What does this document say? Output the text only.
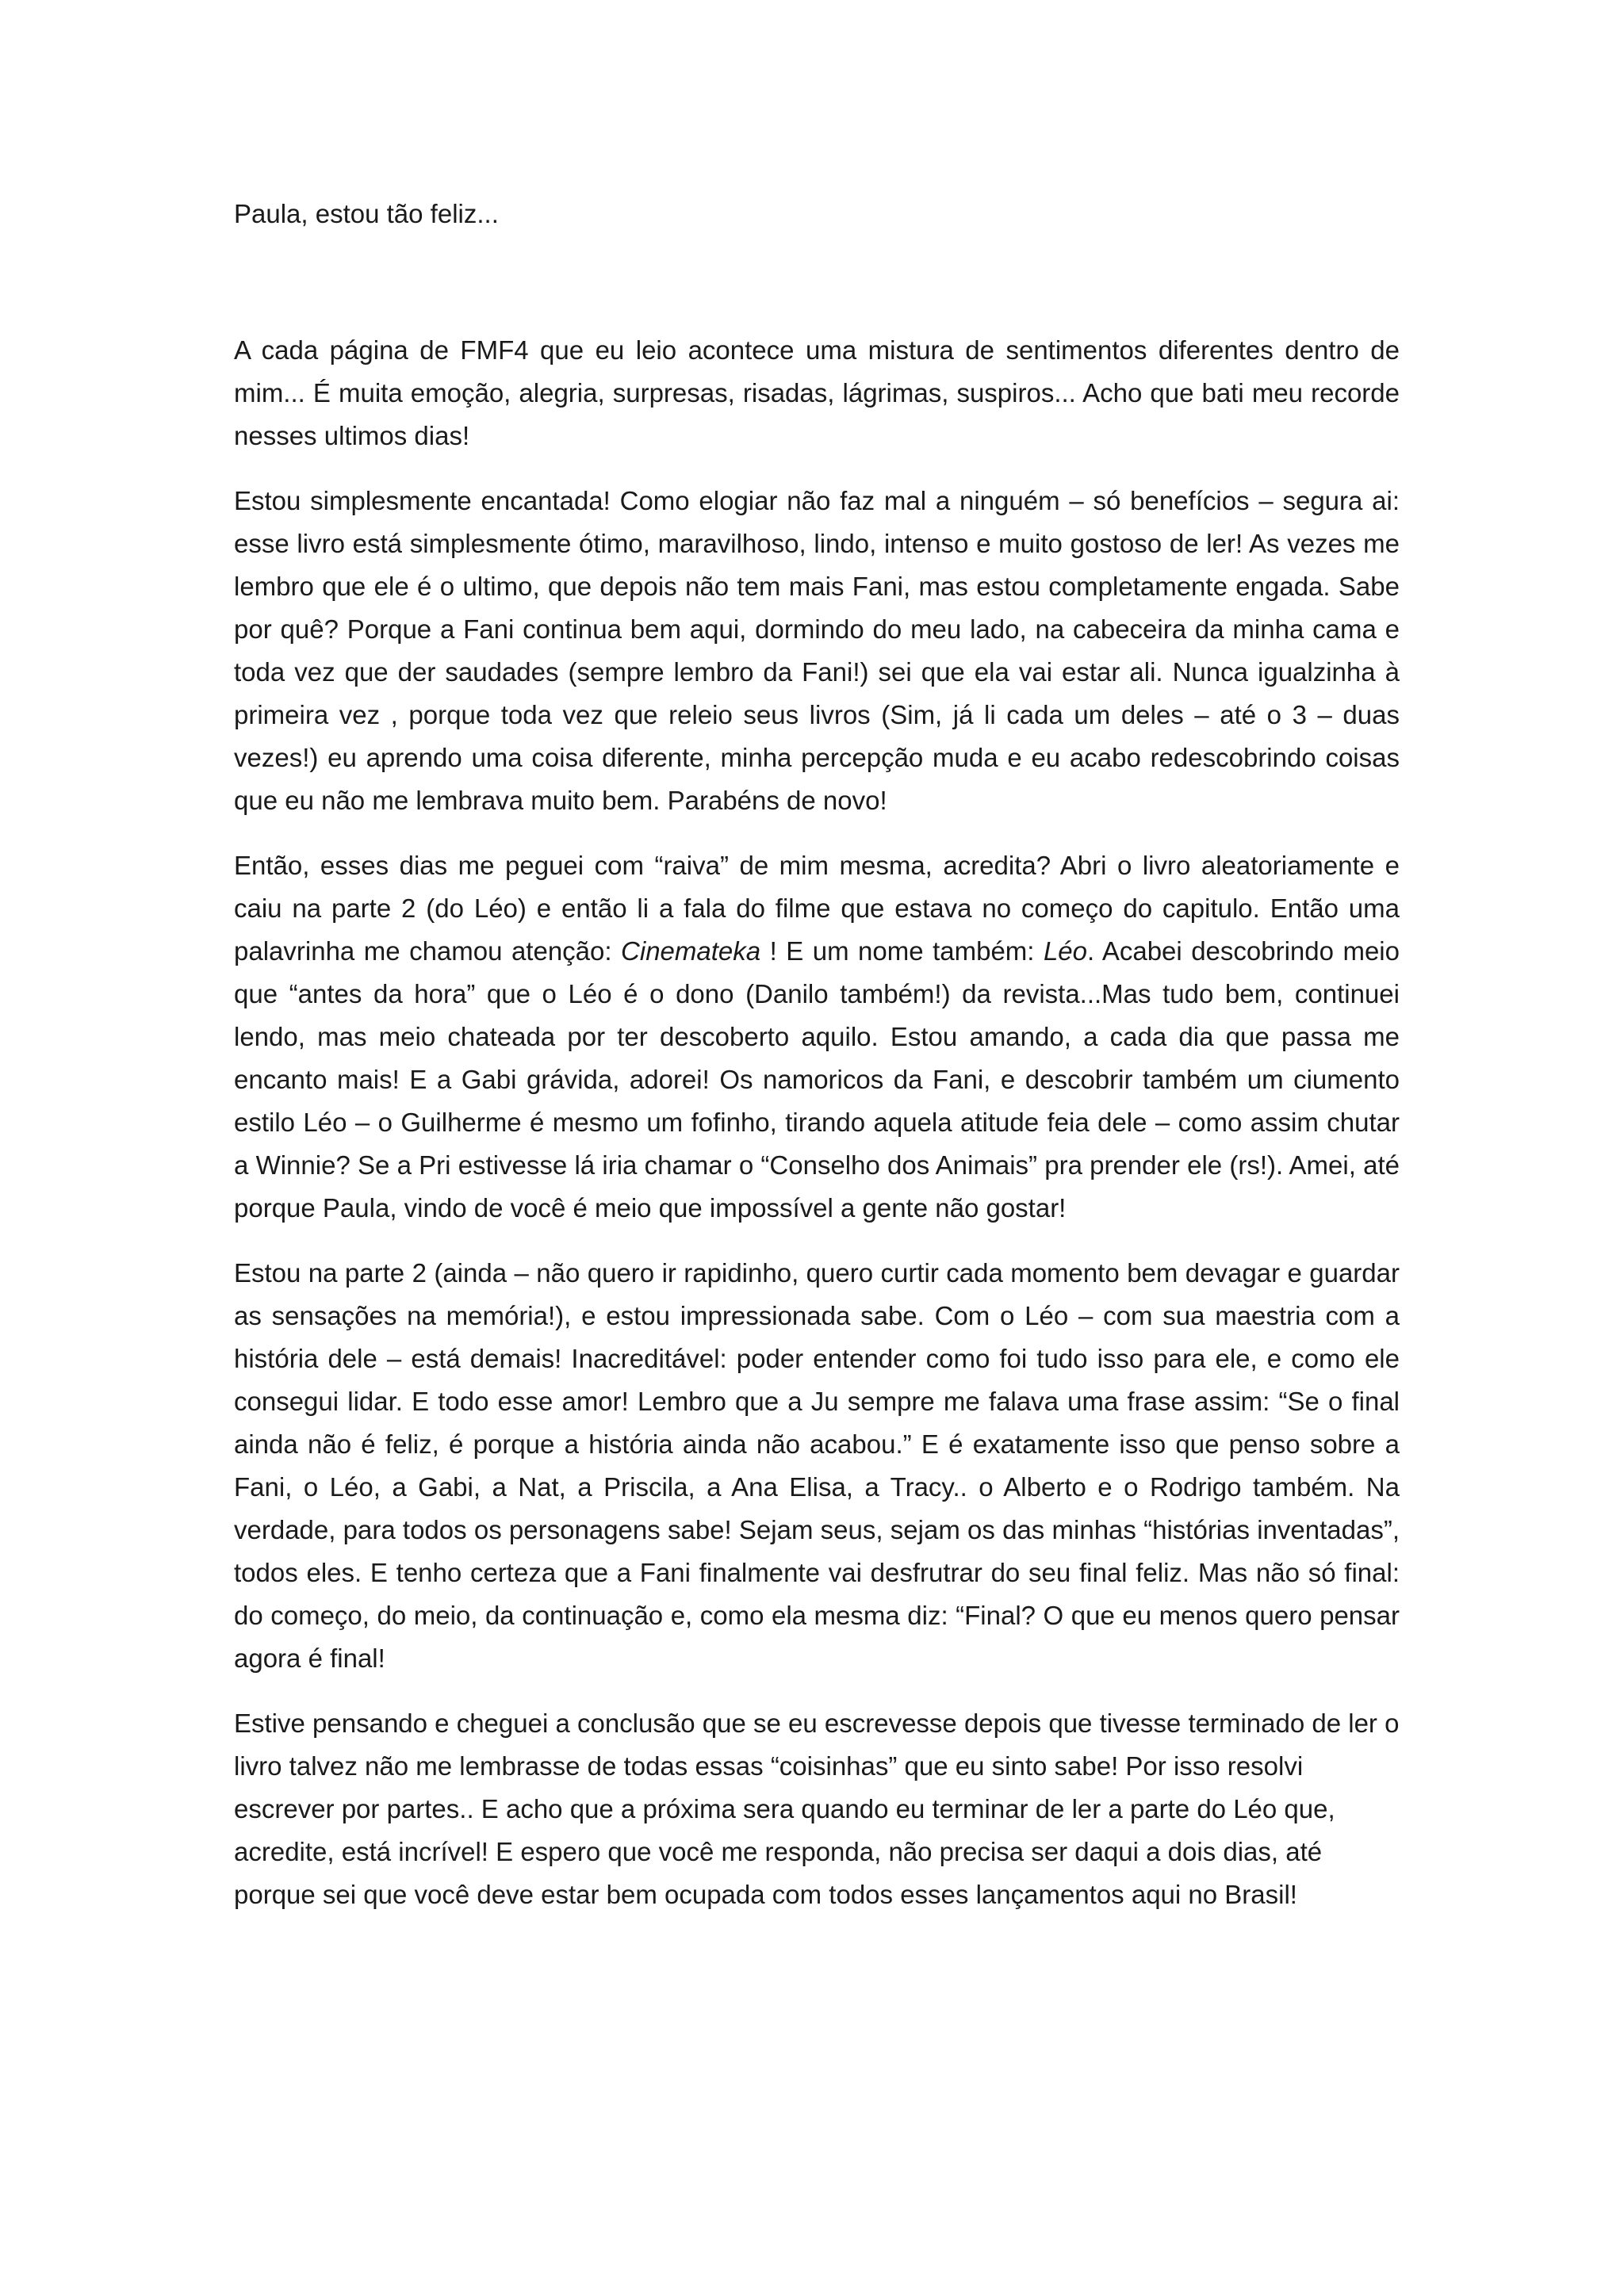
Paula, estou tão feliz...

A cada página de FMF4 que eu leio acontece uma mistura de sentimentos diferentes dentro de mim... É muita emoção, alegria, surpresas, risadas, lágrimas, suspiros... Acho que bati meu recorde nesses ultimos dias!

Estou simplesmente encantada! Como elogiar não faz mal a ninguém – só benefícios – segura ai: esse livro está simplesmente ótimo, maravilhoso, lindo, intenso e muito gostoso de ler! As vezes me lembro que ele é o ultimo, que depois não tem mais Fani, mas estou completamente engada. Sabe por quê? Porque a Fani continua bem aqui, dormindo do meu lado, na cabeceira da minha cama e toda vez que der saudades (sempre lembro da Fani!) sei que ela vai estar ali. Nunca igualzinha à primeira vez , porque toda vez que releio seus livros (Sim, já li cada um deles – até o 3 – duas vezes!) eu aprendo uma coisa diferente, minha percepção muda e eu acabo redescobrindo coisas que eu não me lembrava muito bem. Parabéns de novo!

Então, esses dias me peguei com “raiva” de mim mesma, acredita? Abri o livro aleatoriamente e caiu na parte 2 (do Léo) e então li a fala do filme que estava no começo do capitulo. Então uma palavrinha me chamou atenção: Cinemateka ! E um nome também: Léo. Acabei descobrindo meio que “antes da hora” que o Léo é o dono (Danilo também!) da revista...Mas tudo bem, continuei lendo, mas meio chateada por ter descoberto aquilo. Estou amando, a cada dia que passa me encanto mais! E a Gabi grávida, adorei! Os namoricos da Fani, e descobrir também um ciumento estilo Léo – o Guilherme é mesmo um fofinho, tirando aquela atitude feia dele – como assim chutar a Winnie? Se a Pri estivesse lá iria chamar o “Conselho dos Animais” pra prender ele (rs!). Amei, até porque Paula, vindo de você é meio que impossível a gente não gostar!

Estou na parte 2 (ainda – não quero ir rapidinho, quero curtir cada momento bem devagar e guardar as sensações na memória!), e estou impressionada sabe. Com o Léo – com sua maestria com a história dele – está demais! Inacreditável: poder entender como foi tudo isso para ele, e como ele consegui lidar. E todo esse amor! Lembro que a Ju sempre me falava uma frase assim: “Se o final ainda não é feliz, é porque a história ainda não acabou.” E é exatamente isso que penso sobre a Fani, o Léo, a Gabi, a Nat, a Priscila, a Ana Elisa, a Tracy.. o Alberto e o Rodrigo também. Na verdade, para todos os personagens sabe! Sejam seus, sejam os das minhas “histórias inventadas”, todos eles. E tenho certeza que a Fani finalmente vai desfrutrar do seu final feliz. Mas não só final: do começo, do meio, da continuação e, como ela mesma diz: “Final? O que eu menos quero pensar agora é final!

Estive pensando e cheguei a conclusão que se eu escrevesse depois que tivesse terminado de ler o livro talvez não me lembrasse de todas essas “coisinhas” que eu sinto sabe! Por isso resolvi escrever por partes.. E acho que a próxima sera quando eu terminar de ler a parte do Léo que, acredite, está incrível! E espero que você me responda, não precisa ser daqui a dois dias, até porque sei que você deve estar bem ocupada com todos esses lançamentos aqui no Brasil!
